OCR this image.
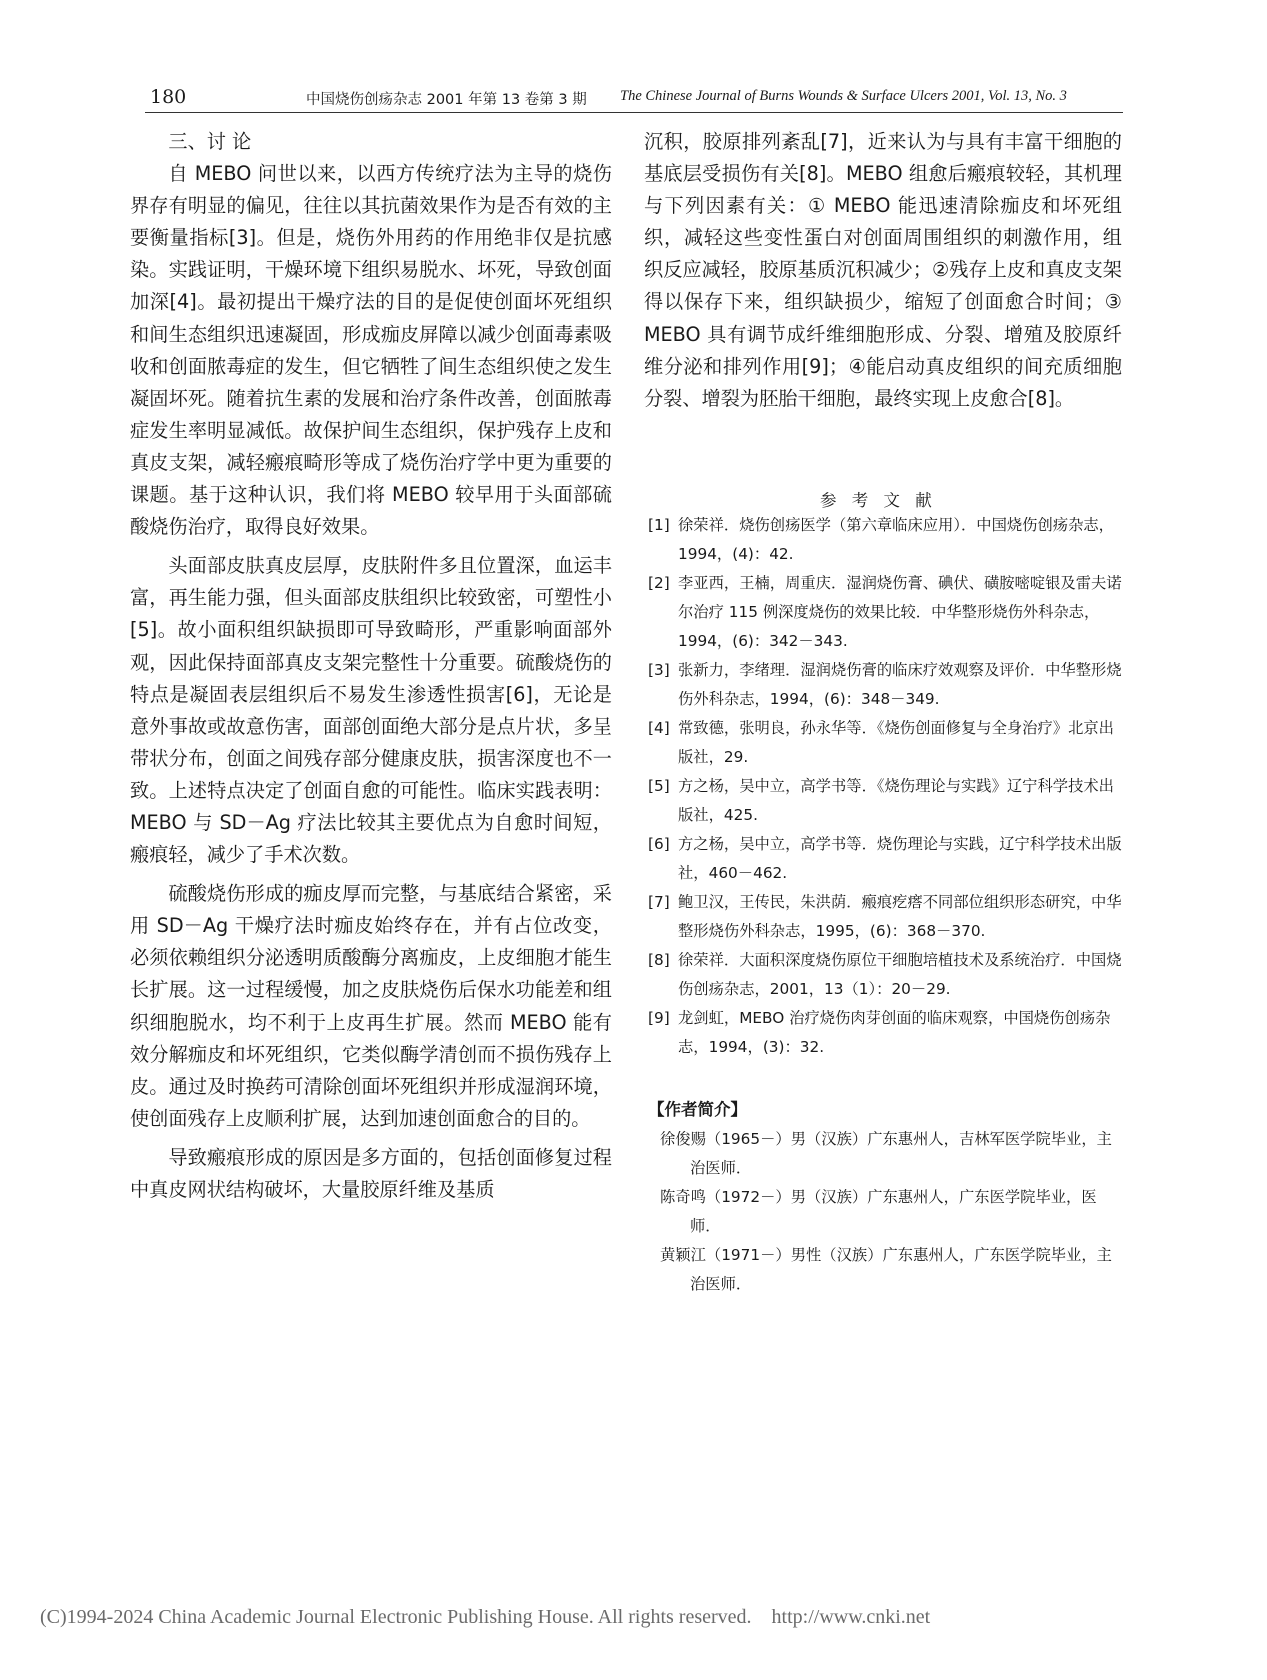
180	中国烧伤创疡杂志 2001 年第 13 卷第 3 期 The Chinese Journal of Burns Wounds & Surface Ulcers 2001, Vol. 13, No. 3
三、讨 论

自 MEBO 问世以来，以西方传统疗法为主导的烧伤界存有明显的偏见，往往以其抗菌效果作为是否有效的主要衡量指标[3]。但是，烧伤外用药的作用绝非仅是抗感染。实践证明，干燥环境下组织易脱水、坏死，导致创面加深[4]。最初提出干燥疗法的目的是促使创面坏死组织和间生态组织迅速凝固，形成痂皮屏障以减少创面毒素吸收和创面脓毒症的发生，但它牺牲了间生态组织使之发生凝固坏死。随着抗生素的发展和治疗条件改善，创面脓毒症发生率明显减低。故保护间生态组织，保护残存上皮和真皮支架，减轻瘢痕畸形等成了烧伤治疗学中更为重要的课题。基于这种认识，我们将 MEBO 较早用于头面部硫酸烧伤治疗，取得良好效果。

头面部皮肤真皮层厚，皮肤附件多且位置深，血运丰富，再生能力强，但头面部皮肤组织比较致密，可塑性小[5]。故小面积组织缺损即可导致畸形，严重影响面部外观，因此保持面部真皮支架完整性十分重要。硫酸烧伤的特点是凝固表层组织后不易发生渗透性损害[6]，无论是意外事故或故意伤害，面部创面绝大部分是点片状，多呈带状分布，创面之间残存部分健康皮肤，损害深度也不一致。上述特点决定了创面自愈的可能性。临床实践表明：MEBO 与 SD－Ag 疗法比较其主要优点为自愈时间短，瘢痕轻，减少了手术次数。

硫酸烧伤形成的痂皮厚而完整，与基底结合紧密，采用 SD－Ag 干燥疗法时痂皮始终存在，并有占位改变，必须依赖组织分泌透明质酸酶分离痂皮，上皮细胞才能生长扩展。这一过程缓慢，加之皮肤烧伤后保水功能差和组织细胞脱水，均不利于上皮再生扩展。然而 MEBO 能有效分解痂皮和坏死组织，它类似酶学清创而不损伤残存上皮。通过及时换药可清除创面坏死组织并形成湿润环境，使创面残存上皮顺利扩展，达到加速创面愈合的目的。

导致瘢痕形成的原因是多方面的，包括创面修复过程中真皮网状结构破坏，大量胶原纤维及基质

沉积，胶原排列紊乱[7]，近来认为与具有丰富干细胞的基底层受损伤有关[8]。MEBO 组愈后瘢痕较轻，其机理与下列因素有关：① MEBO 能迅速清除痂皮和坏死组织，减轻这些变性蛋白对创面周围组织的刺激作用，组织反应减轻，胶原基质沉积减少；②残存上皮和真皮支架得以保存下来，组织缺损少，缩短了创面愈合时间；③ MEBO 具有调节成纤维细胞形成、分裂、增殖及胶原纤维分泌和排列作用[9]；④能启动真皮组织的间充质细胞分裂、增裂为胚胎干细胞，最终实现上皮愈合[8]。

参 考 文 献
[1] 徐荣祥．烧伤创疡医学（第六章临床应用）．中国烧伤创疡杂志，1994，(4)：42.
[2] 李亚西，王楠，周重庆．湿润烧伤膏、碘伏、磺胺嘧啶银及雷夫诺尔治疗 115 例深度烧伤的效果比较．中华整形烧伤外科杂志，1994，(6)：342－343.
[3] 张新力，李绪理．湿润烧伤膏的临床疗效观察及评价．中华整形烧伤外科杂志，1994，(6)：348－349.
[4] 常致德，张明良，孙永华等．《烧伤创面修复与全身治疗》北京出版社，29.
[5] 方之杨，吴中立，高学书等．《烧伤理论与实践》辽宁科学技术出版社，425.
[6] 方之杨，吴中立，高学书等．烧伤理论与实践，辽宁科学技术出版社，460－462.
[7] 鲍卫汉，王传民，朱洪荫．瘢痕疙瘩不同部位组织形态研究，中华整形烧伤外科杂志，1995，(6)：368－370.
[8] 徐荣祥．大面积深度烧伤原位干细胞培植技术及系统治疗．中国烧伤创疡杂志，2001，13（1）：20－29.
[9] 龙剑虹，MEBO 治疗烧伤肉芽创面的临床观察，中国烧伤创疡杂志，1994，(3)：32.
【作者简介】
徐俊赐（1965－）男（汉族）广东惠州人，吉林军医学院毕业，主治医师．
陈奇鸣（1972－）男（汉族）广东惠州人，广东医学院毕业，医师．
黄颖江（1971－）男性（汉族）广东惠州人，广东医学院毕业，主治医师．
(C)1994-2024 China Academic Journal Electronic Publishing House. All rights reserved. http://www.cnki.net
